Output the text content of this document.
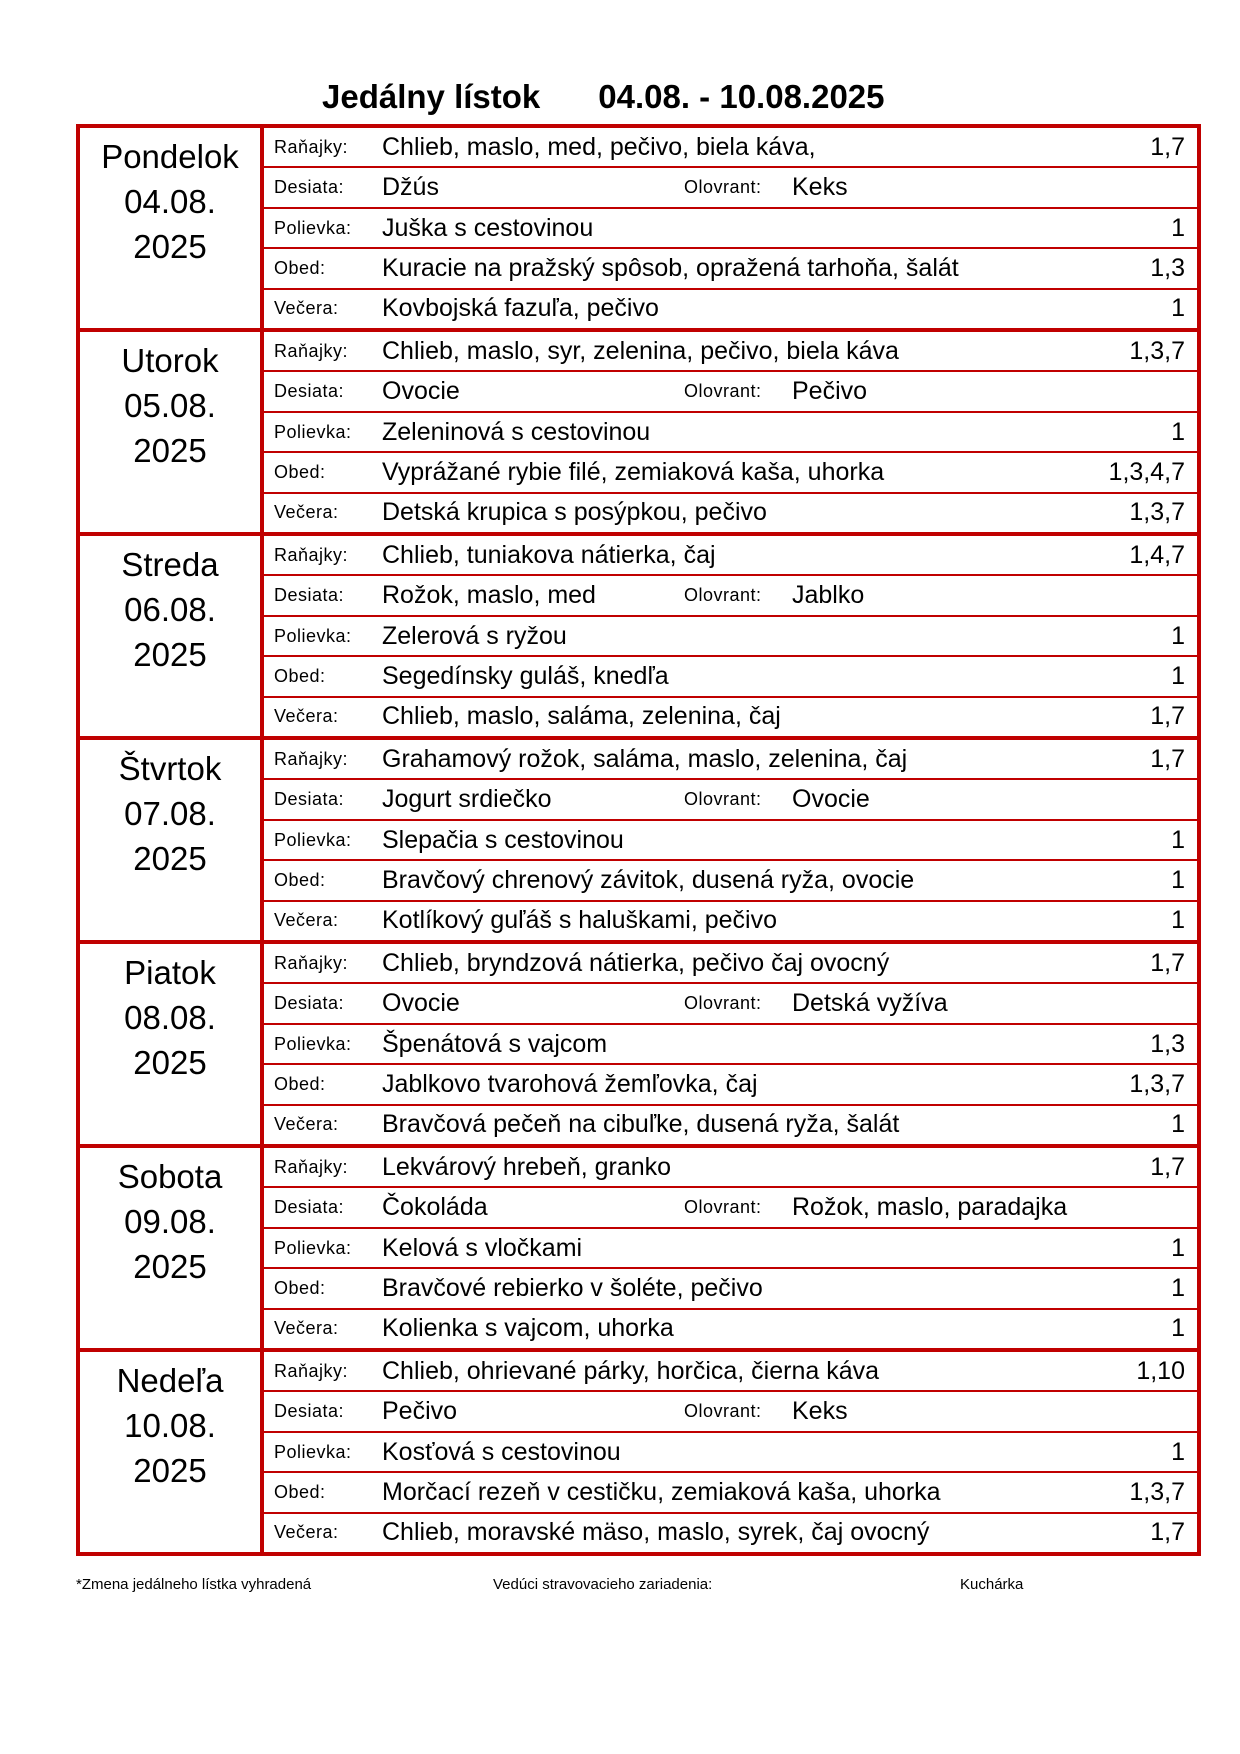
Jedálny lístok 04.08. - 10.08.2025
Pondelok
04.08.
2025
Raňajky:	Chlieb, maslo, med, pečivo, biela káva,	1,7
Desiata:	Džús	Olovrant: Keks
Polievka:	Juška s cestovinou	1
Obed:	Kuracie na pražský spôsob, opražená tarhoňa, šalát	1,3
Večera:	Kovbojská fazuľa, pečivo	1
Utorok
05.08.
2025
Raňajky:	Chlieb, maslo, syr, zelenina, pečivo, biela káva	1,3,7
Desiata:	Ovocie	Olovrant: Pečivo
Polievka:	Zeleninová s cestovinou	1
Obed:	Vyprážané rybie filé, zemiaková kaša, uhorka	1,3,4,7
Večera:	Detská krupica s posýpkou, pečivo	1,3,7
Streda
06.08.
2025
Raňajky:	Chlieb, tuniakova nátierka, čaj	1,4,7
Desiata:	Rožok, maslo, med	Olovrant: Jablko
Polievka:	Zelerová s ryžou	1
Obed:	Segedínsky guláš, knedľa	1
Večera:	Chlieb, maslo, saláma, zelenina, čaj	1,7
Štvrtok
07.08.
2025
Raňajky:	Grahamový rožok, saláma, maslo, zelenina, čaj	1,7
Desiata:	Jogurt srdiečko	Olovrant: Ovocie
Polievka:	Slepačia s cestovinou	1
Obed:	Bravčový chrenový závitok, dusená ryža, ovocie	1
Večera:	Kotlíkový guľáš s haluškami, pečivo	1
Piatok
08.08.
2025
Raňajky:	Chlieb, bryndzová nátierka, pečivo čaj ovocný	1,7
Desiata:	Ovocie	Olovrant: Detská vyžíva
Polievka:	Špenátová s vajcom	1,3
Obed:	Jablkovo tvarohová žemľovka, čaj	1,3,7
Večera:	Bravčová pečeň na cibuľke, dusená ryža, šalát	1
Sobota
09.08.
2025
Raňajky:	Lekvárový hrebeň, granko	1,7
Desiata:	Čokoláda	Olovrant: Rožok, maslo, paradajka
Polievka:	Kelová s vločkami	1
Obed:	Bravčové rebierko v šoléte, pečivo	1
Večera:	Kolienka s vajcom, uhorka	1
Nedeľa
10.08.
2025
Raňajky:	Chlieb, ohrievané párky, horčica, čierna káva	1,10
Desiata:	Pečivo	Olovrant: Keks
Polievka:	Kosťová s cestovinou	1
Obed:	Morčací rezeň v cestičku, zemiaková kaša, uhorka	1,3,7
Večera:	Chlieb, moravské mäso, maslo, syrek, čaj ovocný	1,7
*Zmena jedálneho lístka vyhradená	Vedúci stravovacieho zariadenia:	Kuchárka
